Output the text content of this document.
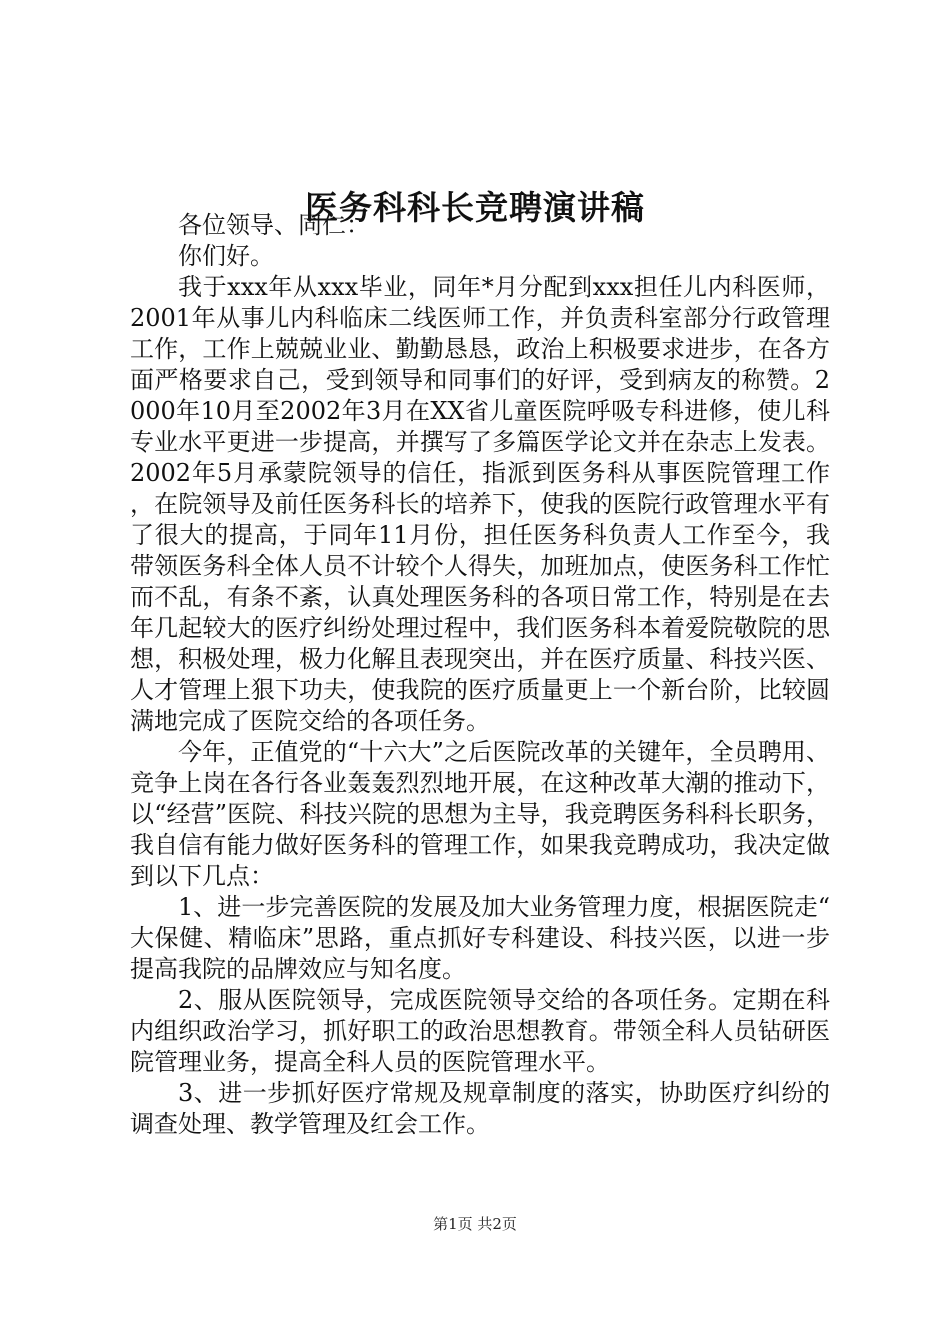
医务科科长竞聘演讲稿

各位领导、同仁：

你们好。

我于xxx年从xxx毕业，同年*月分配到xxx担任儿内科医师，2001年从事儿内科临床二线医师工作，并负责科室部分行政管理工作，工作上兢兢业业、勤勤恳恳，政治上积极要求进步，在各方面严格要求自己，受到领导和同事们的好评，受到病友的称赞。2000年10月至2002年3月在XX省儿童医院呼吸专科进修，使儿科专业水平更进一步提高，并撰写了多篇医学论文并在杂志上发表。2002年5月承蒙院领导的信任，指派到医务科从事医院管理工作，在院领导及前任医务科长的培养下，使我的医院行政管理水平有了很大的提高，于同年11月份，担任医务科负责人工作至今，我带领医务科全体人员不计较个人得失，加班加点，使医务科工作忙而不乱，有条不紊，认真处理医务科的各项日常工作，特别是在去年几起较大的医疗纠纷处理过程中，我们医务科本着爱院敬院的思想，积极处理，极力化解且表现突出，并在医疗质量、科技兴医、人才管理上狠下功夫，使我院的医疗质量更上一个新台阶，比较圆满地完成了医院交给的各项任务。

今年，正值党的“十六大”之后医院改革的关键年，全员聘用、竞争上岗在各行各业轰轰烈烈地开展，在这种改革大潮的推动下，以“经营”医院、科技兴院的思想为主导，我竞聘医务科科长职务，我自信有能力做好医务科的管理工作，如果我竞聘成功，我决定做到以下几点：

1、进一步完善医院的发展及加大业务管理力度，根据医院走“大保健、精临床”思路，重点抓好专科建设、科技兴医，以进一步提高我院的品牌效应与知名度。

2、服从医院领导，完成医院领导交给的各项任务。定期在科内组织政治学习，抓好职工的政治思想教育。带领全科人员钻研医院管理业务，提高全科人员的医院管理水平。

3、进一步抓好医疗常规及规章制度的落实，协助医疗纠纷的调查处理、教学管理及红会工作。

第1页 共2页
